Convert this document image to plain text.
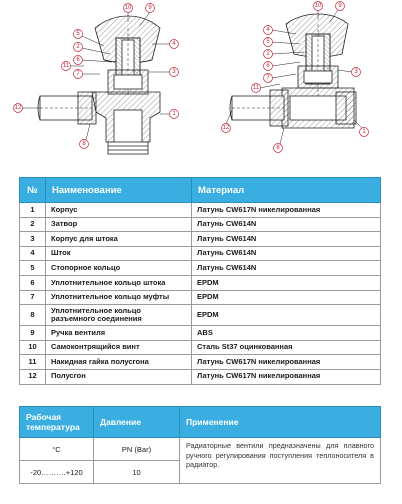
10	9
5
2	4
6
11
7	3
1
12
8
10	9
4
5
2
6
7
11
3
12
1
8
№	Наименование	Материал
1	Корпус	Латунь CW617N никелированная
2	Затвор	Латунь CW614N
3	Корпус для штока	Латунь CW614N
4	Шток	Латунь CW614N
5	Стопорное кольцо	Латунь CW614N
6	Уплотнительное кольцо штока	EPDM
7	Уплотнительное кольцо муфты	EPDM
8	Уплотнительное кольцо разъемного соединения	EPDM
9	Ручка вентиля	ABS
10	Самоконтрящийся винт	Сталь St37 оцинкованная
11	Накидная гайка полусгона	Латунь CW617N никелированная
12	Полусгон	Латунь CW617N никелированная
Рабочая температура	Давление	Применение
°C	PN (Bar)	Радиаторные вентили предназначены для плавного ручного регулирования поступления теплоносителя в радиатор.
-20……….+120	10	
